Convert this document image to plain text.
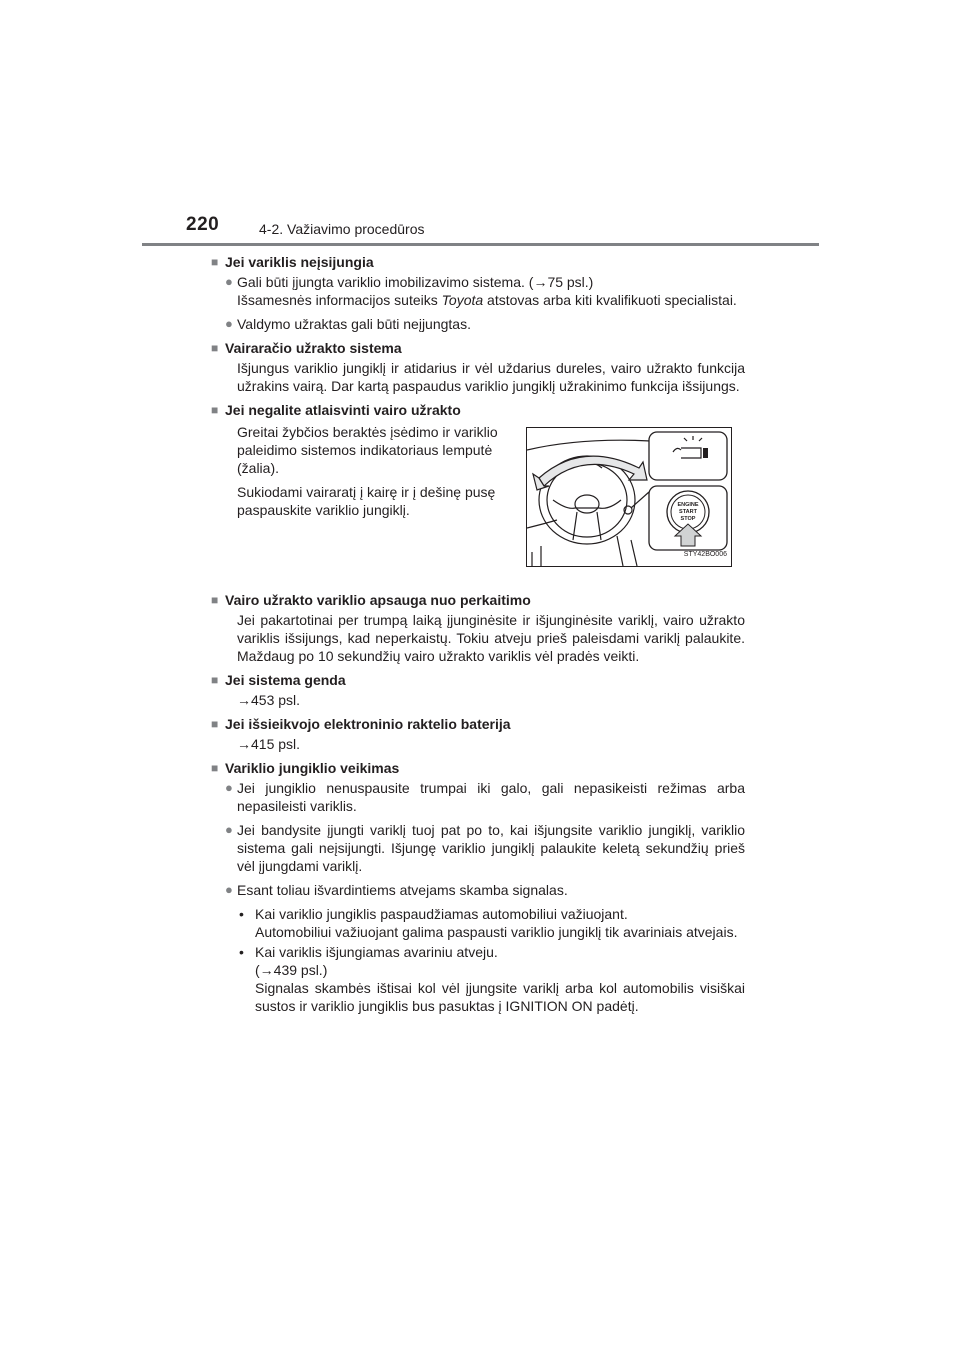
220	4-2. Važiavimo procedūros
■ Jei variklis neįsijungia
● Gali būti įjungta variklio imobilizavimo sistema. (→75 psl.)
Išsamesnės informacijos suteiks Toyota atstovas arba kiti kvalifikuoti specialistai.
● Valdymo užraktas gali būti neįjungtas.
■ Vairaračio užrakto sistema

Išjungus variklio jungiklį ir atidarius ir vėl uždarius dureles, vairo užrakto funkcija užrakins vairą. Dar kartą paspaudus variklio jungiklį užrakinimo funkcija išsijungs.

■ Jei negalite atlaisvinti vairo užrakto

Greitai žybčios beraktės įsėdimo ir variklio paleidimo sistemos indikatoriaus lemputė (žalia).

Sukiodami vairaratį į kairę ir į dešinę pusę paspauskite variklio jungiklį.	ENGINE
START
STOP
STY42BO006
■ Vairo užrakto variklio apsauga nuo perkaitimo

Jei pakartotinai per trumpą laiką įjunginėsite ir išjunginėsite variklį, vairo užrakto variklis išsijungs, kad neperkaistų. Tokiu atveju prieš paleisdami variklį palaukite. Maždaug po 10 sekundžių vairo užrakto variklis vėl pradės veikti.

■ Jei sistema genda

→453 psl.

■ Jei išsieikvojo elektroninio raktelio baterija

→415 psl.

■ Variklio jungiklio veikimas
● Jei jungiklio nenuspausite trumpai iki galo, gali nepasikeisti režimas arba nepasileisti variklis.
● Jei bandysite įjungti variklį tuoj pat po to, kai išjungsite variklio jungiklį, variklio sistema gali neįsijungti. Išjungę variklio jungiklį palaukite keletą sekundžių prieš vėl įjungdami variklį.
● Esant toliau išvardintiems atvejams skamba signalas.
• Kai variklio jungiklis paspaudžiamas automobiliui važiuojant.
Automobiliui važiuojant galima paspausti variklio jungiklį tik avariniais atvejais.
• Kai variklis išjungiamas avariniu atveju.
(→439 psl.)
Signalas skambės ištisai kol vėl įjungsite variklį arba kol automobilis visiškai sustos ir variklio jungiklis bus pasuktas į IGNITION ON padėtį.
